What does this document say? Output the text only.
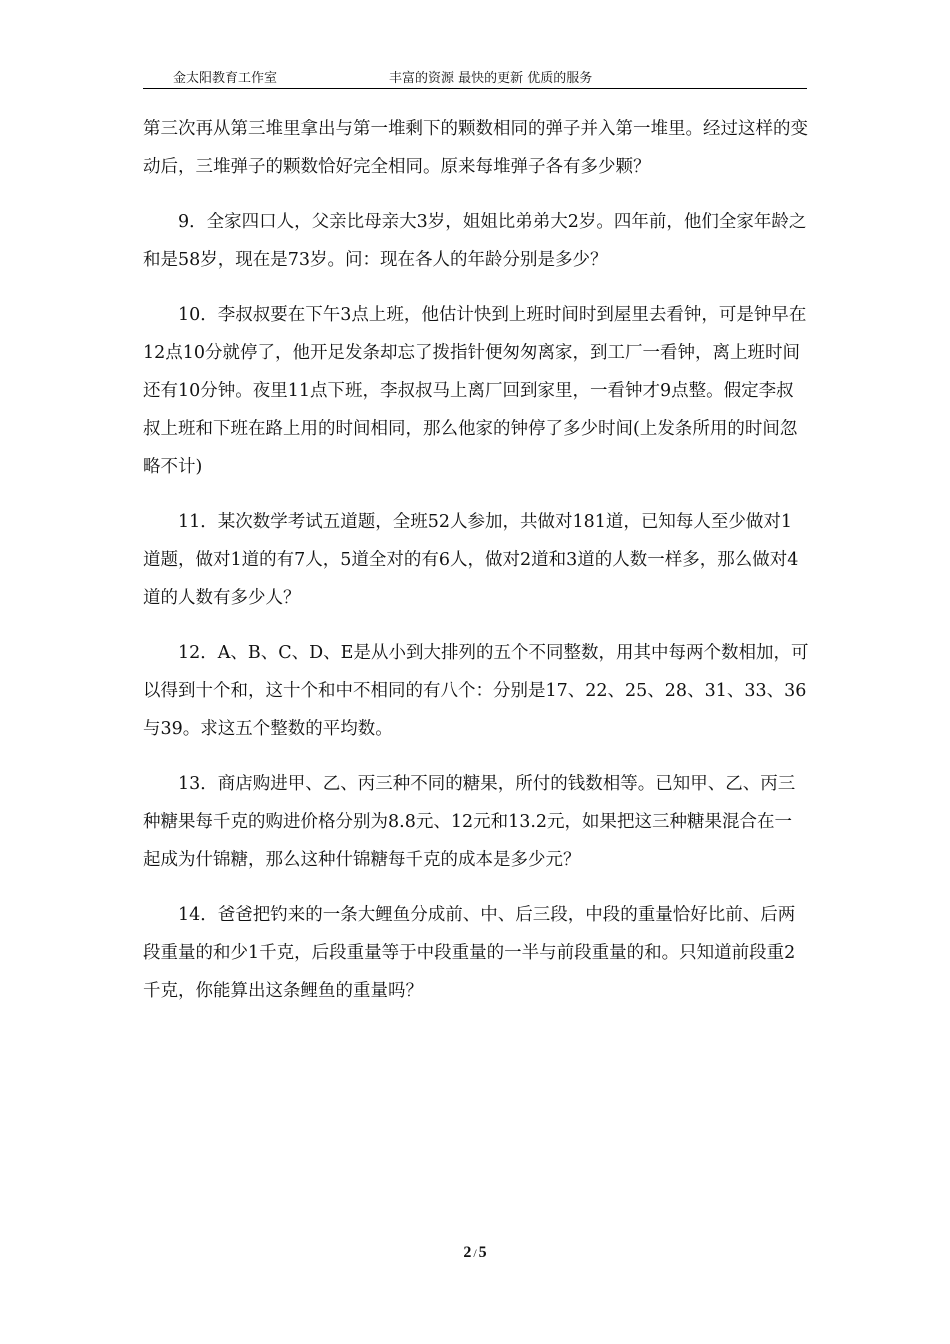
金太阳教育工作室	丰富的资源 最快的更新 优质的服务

第三次再从第三堆里拿出与第一堆剩下的颗数相同的弹子并入第一堆里。经过这样的变动后，三堆弹子的颗数恰好完全相同。原来每堆弹子各有多少颗？

9．全家四口人，父亲比母亲大3岁，姐姐比弟弟大2岁。四年前，他们全家年龄之和是58岁，现在是73岁。问：现在各人的年龄分别是多少？

10．李叔叔要在下午3点上班，他估计快到上班时间时到屋里去看钟，可是钟早在12点10分就停了，他开足发条却忘了拨指针便匆匆离家，到工厂一看钟，离上班时间还有10分钟。夜里11点下班，李叔叔马上离厂回到家里，一看钟才9点整。假定李叔叔上班和下班在路上用的时间相同，那么他家的钟停了多少时间(上发条所用的时间忽略不计)

11．某次数学考试五道题，全班52人参加，共做对181道，已知每人至少做对1道题，做对1道的有7人，5道全对的有6人，做对2道和3道的人数一样多，那么做对4道的人数有多少人？

12．A、B、C、D、E是从小到大排列的五个不同整数，用其中每两个数相加，可以得到十个和，这十个和中不相同的有八个：分别是17、22、25、28、31、33、36与39。求这五个整数的平均数。

13．商店购进甲、乙、丙三种不同的糖果，所付的钱数相等。已知甲、乙、丙三种糖果每千克的购进价格分别为8.8元、12元和13.2元，如果把这三种糖果混合在一起成为什锦糖，那么这种什锦糖每千克的成本是多少元？

14．爸爸把钓来的一条大鲤鱼分成前、中、后三段，中段的重量恰好比前、后两段重量的和少1千克，后段重量等于中段重量的一半与前段重量的和。只知道前段重2千克，你能算出这条鲤鱼的重量吗？

2 / 5
